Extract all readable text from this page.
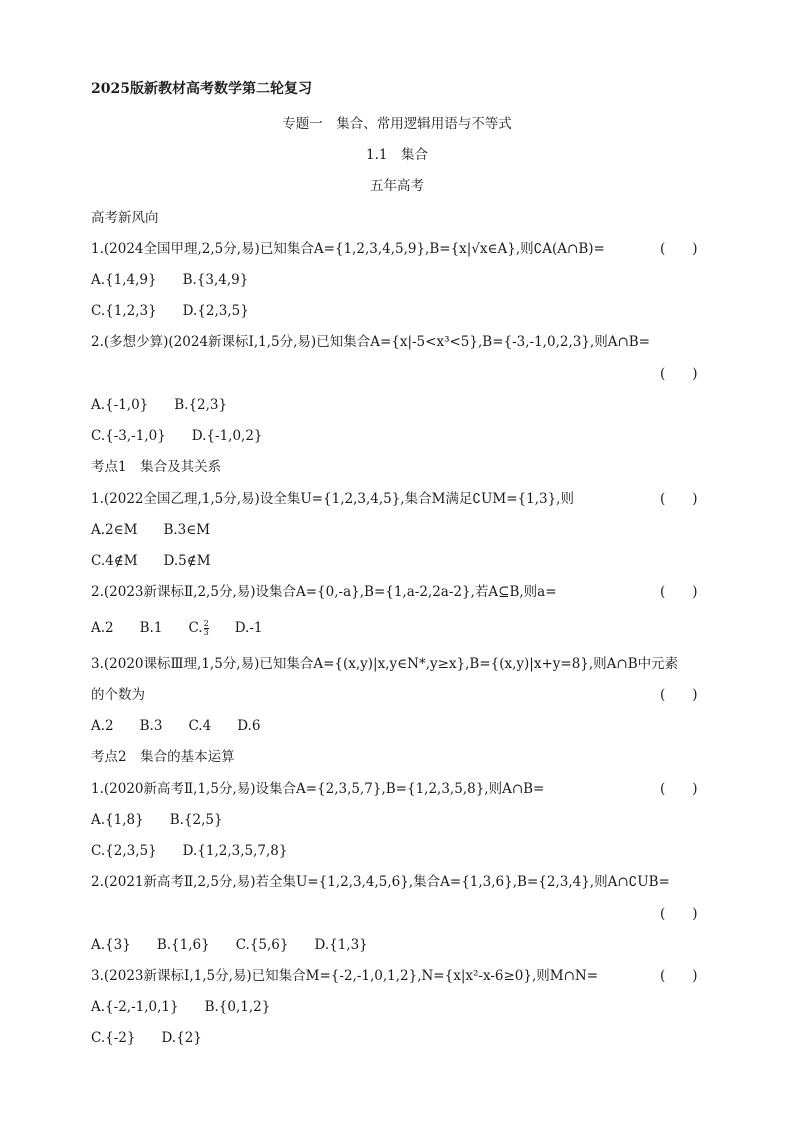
2025版新教材高考数学第二轮复习
专题一　集合、常用逻辑用语与不等式
1.1　集合
五年高考
高考新风向
1.(2024全国甲理,2,5分,易)已知集合A={1,2,3,4,5,9},B={x|√x∈A},则∁A(A∩B)=	(　　)
A.{1,4,9} B.{3,4,9}
C.{1,2,3} D.{2,3,5}
2.(多想少算)(2024新课标Ⅰ,1,5分,易)已知集合A={x|-5<x³<5},B={-3,-1,0,2,3},则A∩B=
(　　)
A.{-1,0} B.{2,3}
C.{-3,-1,0} D.{-1,0,2}
考点1　集合及其关系
1.(2022全国乙理,1,5分,易)设全集U={1,2,3,4,5},集合M满足∁UM={1,3},则	(　　)
A.2∈M B.3∈M
C.4∉M D.5∉M
2.(2023新课标Ⅱ,2,5分,易)设集合A={0,-a},B={1,a-2,2a-2},若A⊆B,则a=	(　　)
A.2 B.1 C. $\frac{2}{3} D.-1$
3.(2020课标Ⅲ理,1,5分,易)已知集合A={(x,y)|x,y∈N*,y≥x},B={(x,y)|x+y=8},则A∩B中元素
的个数为	(　　)
A.2 B.3 C.4 D.6
考点2　集合的基本运算
1.(2020新高考Ⅱ,1,5分,易)设集合A={2,3,5,7},B={1,2,3,5,8},则A∩B=	(　　)
A.{1,8} B.{2,5}
C.{2,3,5} D.{1,2,3,5,7,8}
2.(2021新高考Ⅱ,2,5分,易)若全集U={1,2,3,4,5,6},集合A={1,3,6},B={2,3,4},则A∩∁UB=
(　　)
A.{3} B.{1,6} C.{5,6} D.{1,3}
3.(2023新课标Ⅰ,1,5分,易)已知集合M={-2,-1,0,1,2},N={x|x²-x-6≥0},则M∩N=	(　　)
A.{-2,-1,0,1} B.{0,1,2}
C.{-2} D.{2}
